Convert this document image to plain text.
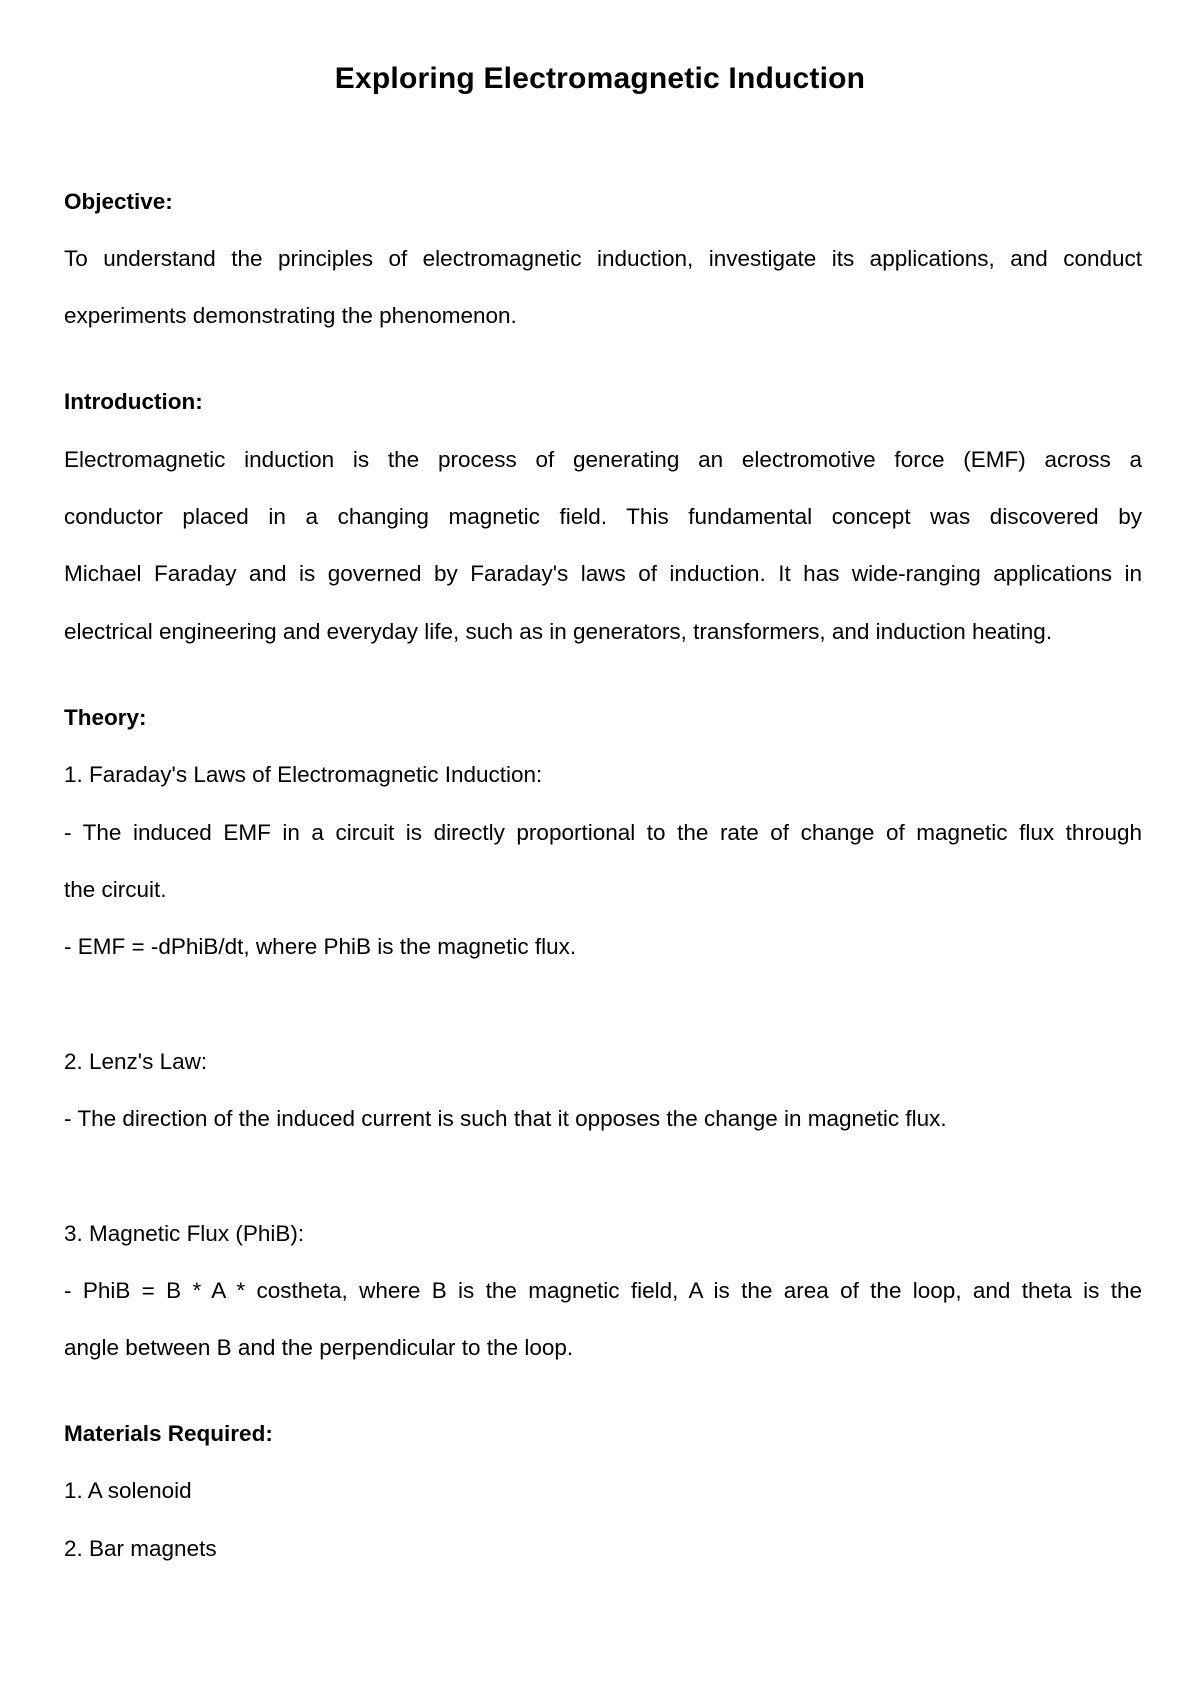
Exploring Electromagnetic Induction
Objective:
To understand the principles of electromagnetic induction, investigate its applications, and conduct
experiments demonstrating the phenomenon.
Introduction:
Electromagnetic induction is the process of generating an electromotive force (EMF) across a
conductor placed in a changing magnetic field. This fundamental concept was discovered by
Michael Faraday and is governed by Faraday's laws of induction. It has wide-ranging applications in
electrical engineering and everyday life, such as in generators, transformers, and induction heating.
Theory:
1. Faraday's Laws of Electromagnetic Induction:
- The induced EMF in a circuit is directly proportional to the rate of change of magnetic flux through
the circuit.
- EMF = -dPhiB/dt, where PhiB is the magnetic flux.
2. Lenz's Law:
- The direction of the induced current is such that it opposes the change in magnetic flux.
3. Magnetic Flux (PhiB):
- PhiB = B * A * costheta, where B is the magnetic field, A is the area of the loop, and theta is the
angle between B and the perpendicular to the loop.
Materials Required:
1. A solenoid
2. Bar magnets
